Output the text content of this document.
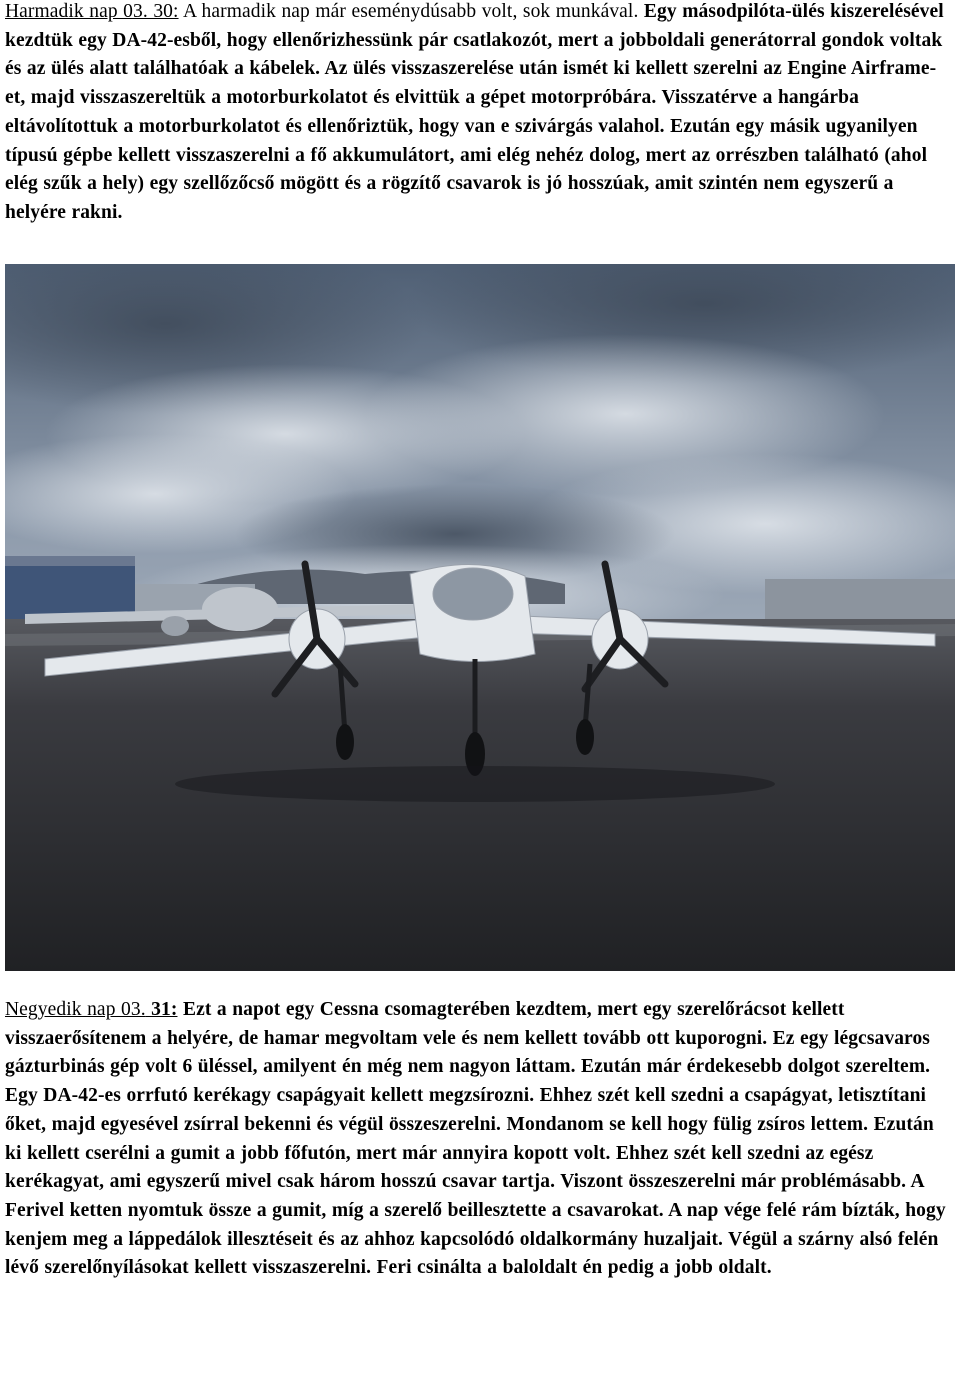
Harmadik nap 03. 30: A harmadik nap már eseménydúsabb volt, sok munkával. Egy másodpilóta-ülés kiszerelésével kezdtük egy DA-42-esből, hogy ellenőrizhessünk pár csatlakozót, mert a jobboldali generátorral gondok voltak és az ülés alatt találhatóak a kábelek. Az ülés visszaszerelése után ismét ki kellett szerelni az Engine Airframe-et, majd visszaszereltük a motorburkolatot és elvittük a gépet motorpróbára. Visszatérve a hangárba eltávolítottuk a motorburkolatot és ellenőriztük, hogy van e szivárgás valahol. Ezután egy másik ugyanilyen típusú gépbe kellett visszaszerelni a fő akkumulátort, ami elég nehéz dolog, mert az orrészben található (ahol elég szűk a hely) egy szellőzőcső mögött és a rögzítő csavarok is jó hosszúak, amit szintén nem egyszerű a helyére rakni.
Negyedik nap 03. 31: Ezt a napot egy Cessna csomagterében kezdtem, mert egy szerelőrácsot kellett visszaerősítenem a helyére, de hamar megvoltam vele és nem kellett tovább ott kuporogni. Ez egy légcsavaros gázturbinás gép volt 6 üléssel, amilyent én még nem nagyon láttam. Ezután már érdekesebb dolgot szereltem. Egy DA-42-es orrfutó kerékagy csapágyait kellett megzsírozni. Ehhez szét kell szedni a csapágyat, letisztítani őket, majd egyesével zsírral bekenni és végül összeszerelni. Mondanom se kell hogy fülig zsíros lettem. Ezután ki kellett cserélni a gumit a jobb főfutón, mert már annyira kopott volt. Ehhez szét kell szedni az egész kerékagyat, ami egyszerű mivel csak három hosszú csavar tartja. Viszont összeszerelni már problémásabb. A Ferivel ketten nyomtuk össze a gumit, míg a szerelő beillesztette a csavarokat. A nap vége felé rám bízták, hogy kenjem meg a láppedálok illesztéseit és az ahhoz kapcsolódó oldalkormány huzaljait. Végül a szárny alsó felén lévő szerelőnyílásokat kellett visszaszerelni. Feri csinálta a baloldalt én pedig a jobb oldalt.
